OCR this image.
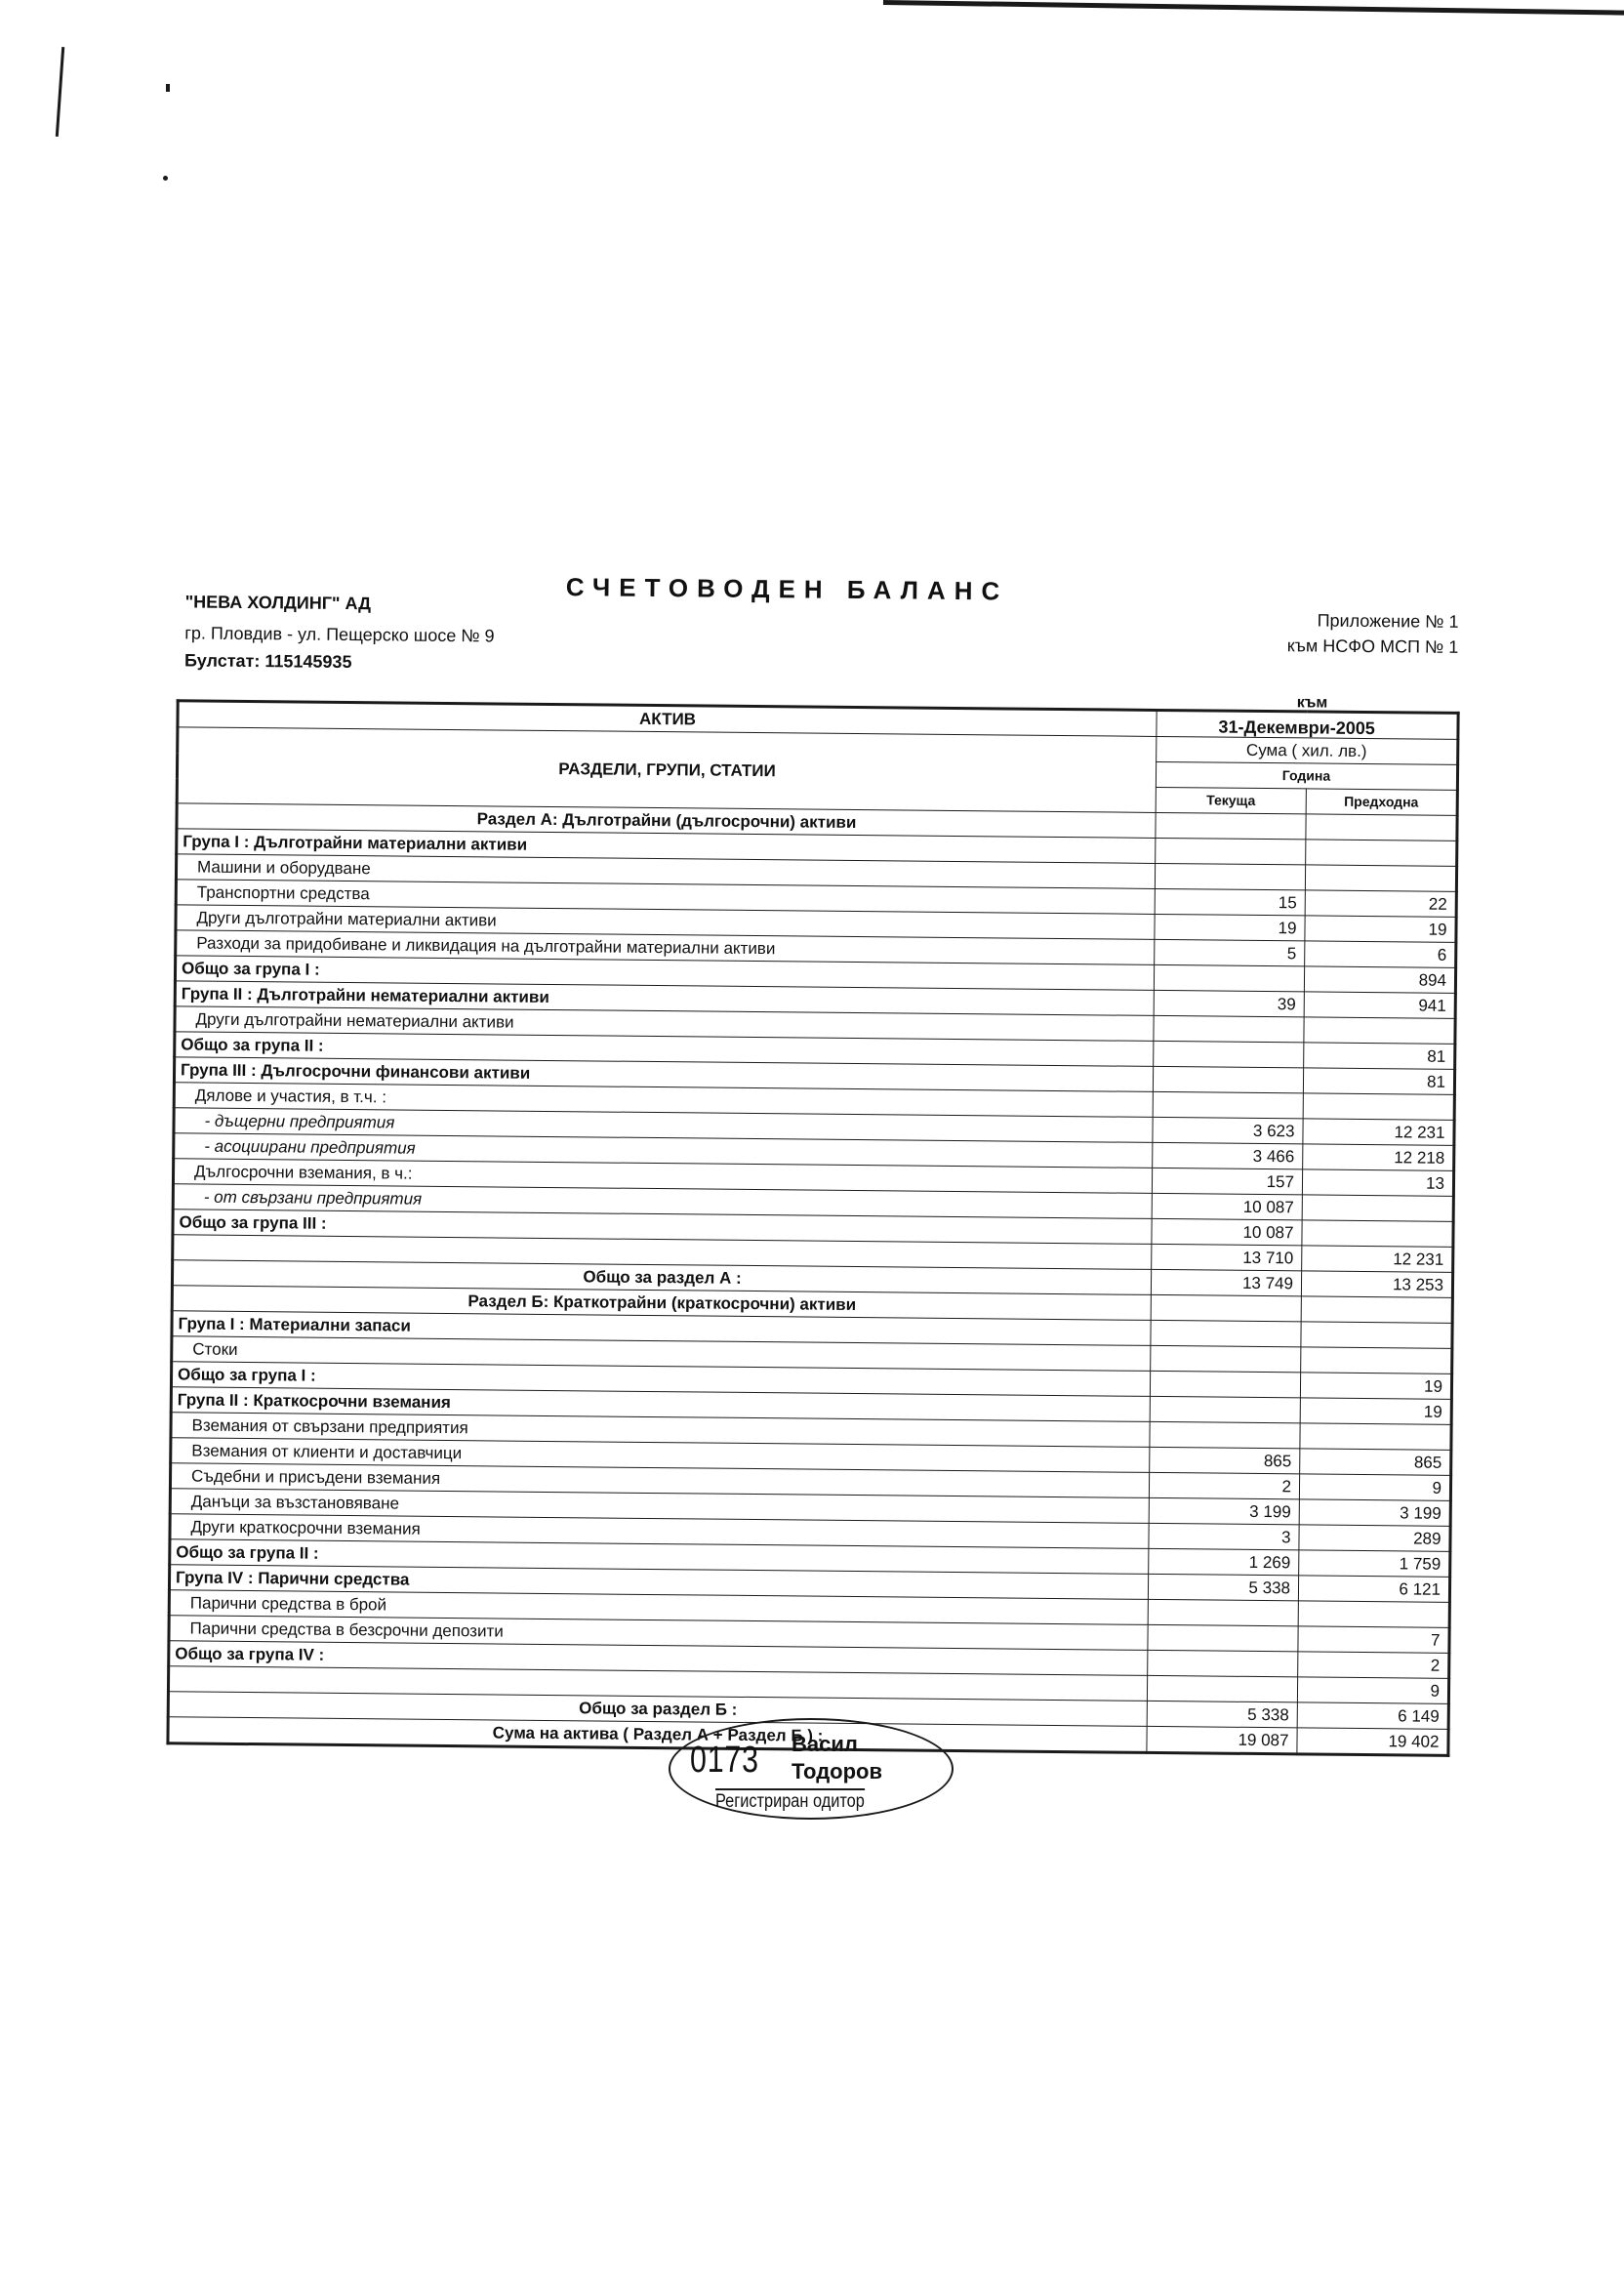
СЧЕТОВОДЕН БАЛАНС
"НЕВА ХОЛДИНГ" АД
гр. Пловдив - ул. Пещерско шосе № 9
Булстат: 115145935
Приложение № 1
към НСФО МСП № 1
към
31-Декември-2005
АКТИВ		
РАЗДЕЛИ, ГРУПИ, СТАТИИ	Сума ( хил. лв.)	
	Година	
	Текуща	Предходна
Раздел А: Дълготрайни (дългосрочни) активи		
Група I : Дълготрайни материални активи		
Машини и оборудване		
Транспортни средства	15	22
Други дълготрайни материални активи	19	19
Разходи за придобиване и ликвидация на дълготрайни материални активи	5	6
Общо за група I :		894
Група II : Дълготрайни нематериални активи	39	941
Други дълготрайни нематериални активи		
Общо за група II :		81
Група III : Дългосрочни финансови активи		81
Дялове и участия, в т.ч. :		
- дъщерни предприятия	3 623	12 231
- асоциирани предприятия	3 466	12 218
Дългосрочни вземания, в ч.:	157	13
- от свързани предприятия	10 087	
Общо за група III :	10 087	
	13 710	12 231
Общо за раздел А :	13 749	13 253
Раздел Б: Краткотрайни (краткосрочни) активи		
Група I : Материални запаси		
Стоки		
Общо за група I :		19
Група II : Краткосрочни вземания		19
Вземания от свързани предприятия		
Вземания от клиенти и доставчици	865	865
Съдебни и присъдени вземания	2	9
Данъци за възстановяване	3 199	3 199
Други краткосрочни вземания	3	289
Общо за група II :	1 269	1 759
Група IV : Парични средства	5 338	6 121
Парични средства в брой		
Парични средства в безсрочни депозити		7
Общо за група IV :		2
		9
Общо за раздел Б :	5 338	6 149
Сума на актива ( Раздел А + Раздел Б ) :	19 087	19 402
0173 Васил
Тодоров
Регистриран одитор
